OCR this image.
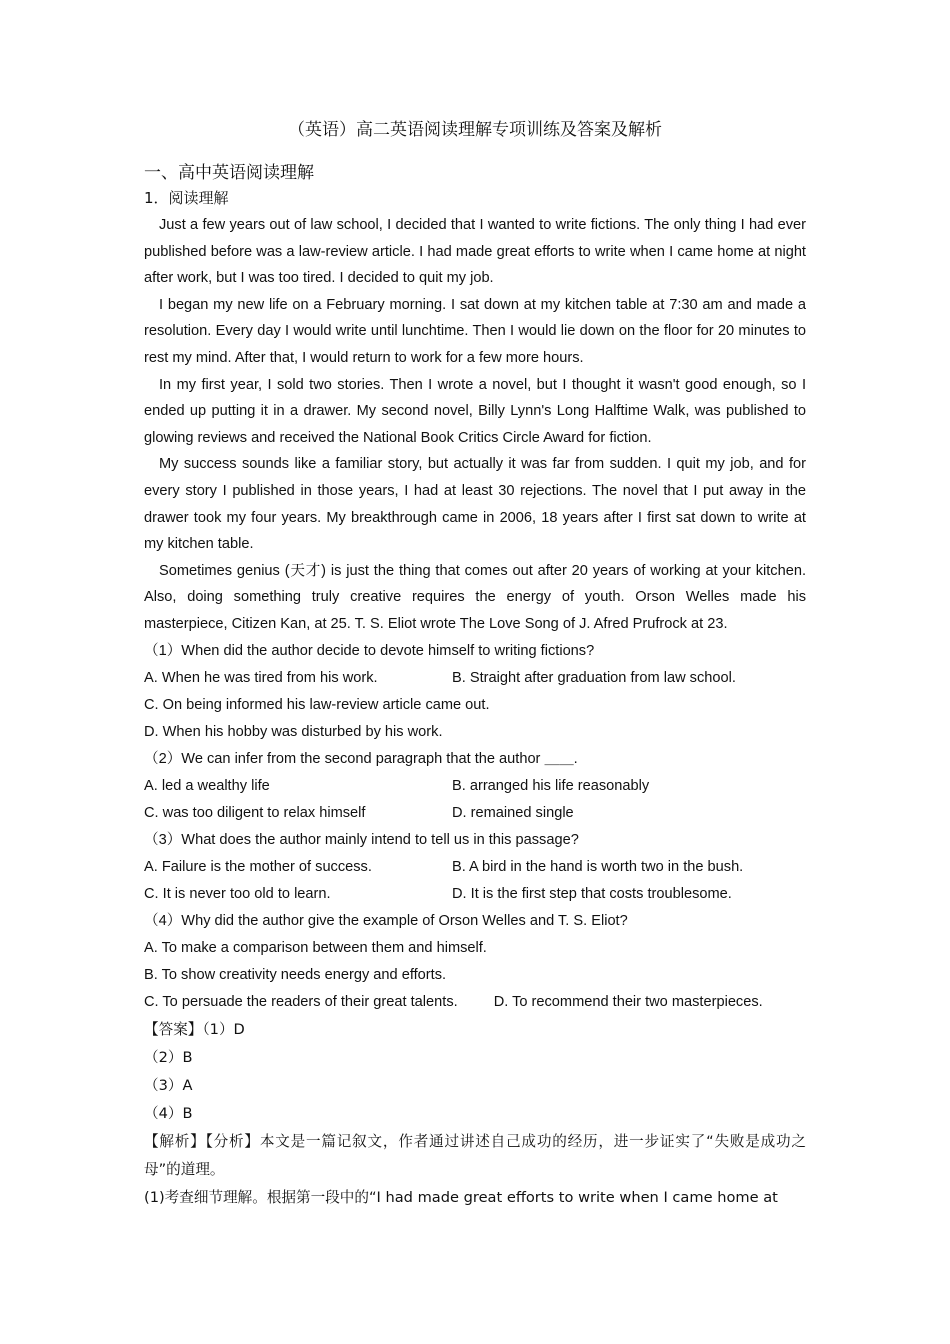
（英语）高二英语阅读理解专项训练及答案及解析

一、高中英语阅读理解

1．阅读理解

Just a few years out of law school, I decided that I wanted to write fictions. The only thing I had ever published before was a law-review article. I had made great efforts to write when I came home at night after work, but I was too tired. I decided to quit my job.

I began my new life on a February morning. I sat down at my kitchen table at 7:30 am and made a resolution. Every day I would write until lunchtime. Then I would lie down on the floor for 20 minutes to rest my mind. After that, I would return to work for a few more hours.

In my first year, I sold two stories. Then I wrote a novel, but I thought it wasn't good enough, so I ended up putting it in a drawer. My second novel, Billy Lynn's Long Halftime Walk, was published to glowing reviews and received the National Book Critics Circle Award for fiction.

My success sounds like a familiar story, but actually it was far from sudden. I quit my job, and for every story I published in those years, I had at least 30 rejections. The novel that I put away in the drawer took my four years. My breakthrough came in 2006, 18 years after I first sat down to write at my kitchen table.

Sometimes genius (天才) is just the thing that comes out after 20 years of working at your kitchen. Also, doing something truly creative requires the energy of youth. Orson Welles made his masterpiece, Citizen Kan, at 25. T. S. Eliot wrote The Love Song of J. Afred Prufrock at 23.

（1）When did the author decide to devote himself to writing fictions?
A. When he was tired from his work.	B. Straight after graduation from law school.
C. On being informed his law-review article came out.
D. When his hobby was disturbed by his work.
（2）We can infer from the second paragraph that the author ＿＿.
A. led a wealthy life	B. arranged his life reasonably
C. was too diligent to relax himself	D. remained single
（3）What does the author mainly intend to tell us in this passage?
A. Failure is the mother of success.	B. A bird in the hand is worth two in the bush.
C. It is never too old to learn.	D. It is the first step that costs troublesome.
（4）Why did the author give the example of Orson Welles and T. S. Eliot?
A. To make a comparison between them and himself.
B. To show creativity needs energy and efforts.
C. To persuade the readers of their great talents. D. To recommend their two masterpieces.
【答案】（1）D
（2）B
（3）A
（4）B

【解析】【分析】本文是一篇记叙文，作者通过讲述自己成功的经历，进一步证实了“失败是成功之母”的道理。

(1)考查细节理解。根据第一段中的“I had made great efforts to write when I came home at
